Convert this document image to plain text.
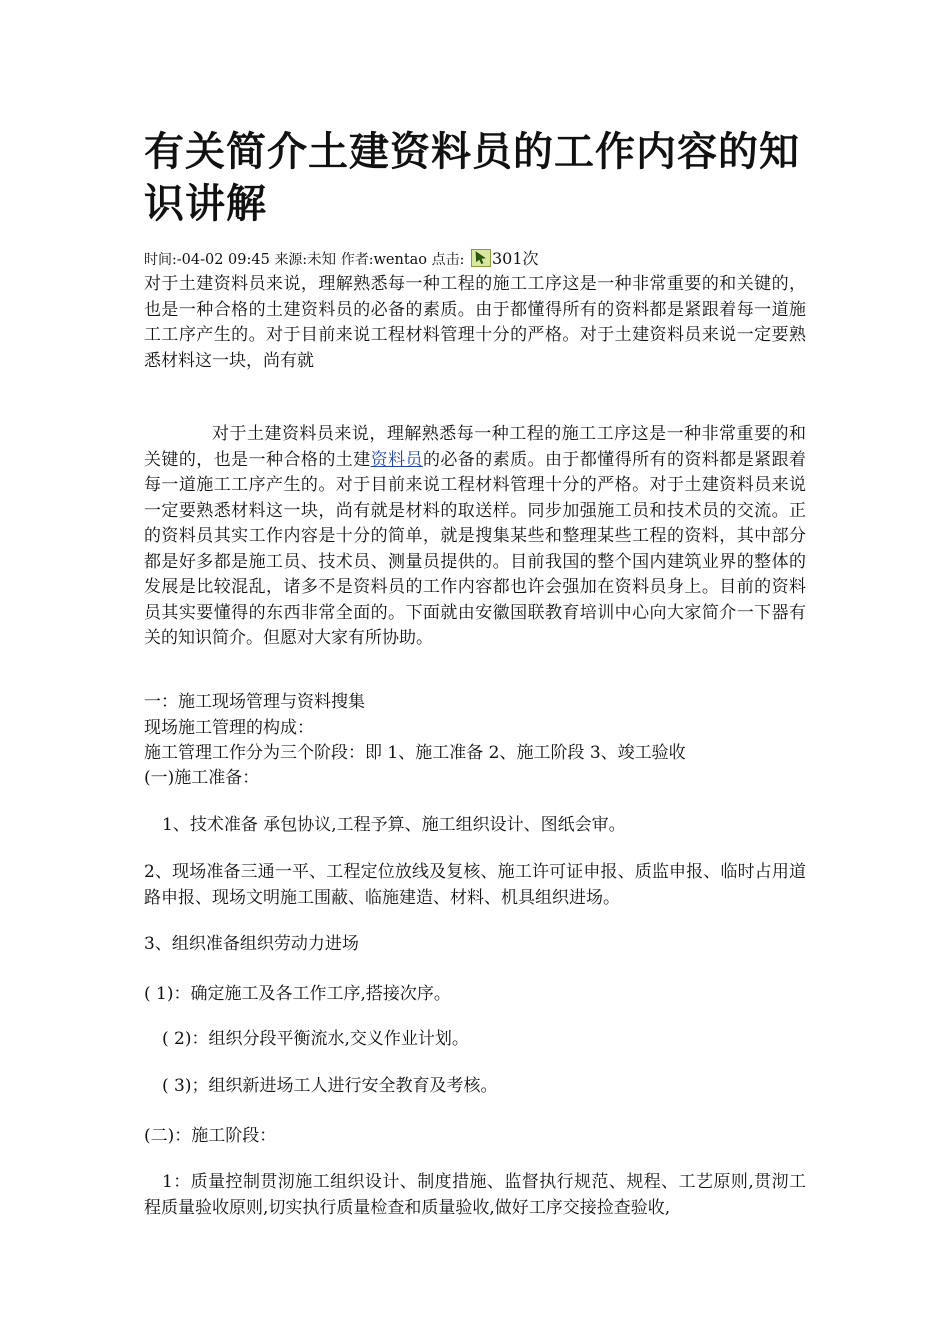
有关简介土建资料员的工作内容的知识讲解
时间:-04-02 09:45 来源:未知 作者:wentao 点击: 301次

对于土建资料员来说，理解熟悉每一种工程的施工工序这是一种非常重要的和关键的，也是一种合格的土建资料员的必备的素质。由于都懂得所有的资料都是紧跟着每一道施工工序产生的。对于目前来说工程材料管理十分的严格。对于土建资料员来说一定要熟悉材料这一块，尚有就

对于土建资料员来说，理解熟悉每一种工程的施工工序这是一种非常重要的和关键的，也是一种合格的土建资料员的必备的素质。由于都懂得所有的资料都是紧跟着每一道施工工序产生的。对于目前来说工程材料管理十分的严格。对于土建资料员来说一定要熟悉材料这一块，尚有就是材料的取送样。同步加强施工员和技术员的交流。正的资料员其实工作内容是十分的简单，就是搜集某些和整理某些工程的资料，其中部分都是好多都是施工员、技术员、测量员提供的。目前我国的整个国内建筑业界的整体的发展是比较混乱，诸多不是资料员的工作内容都也许会强加在资料员身上。目前的资料员其实要懂得的东西非常全面的。下面就由安徽国联教育培训中心向大家简介一下器有关的知识简介。但愿对大家有所协助。

一：施工现场管理与资料搜集

现场施工管理的构成：

施工管理工作分为三个阶段：即 1、施工准备 2、施工阶段 3、竣工验收

(一)施工准备：

1、技术准备 承包协议,工程予算、施工组织设计、图纸会审。

2、现场准备三通一平、工程定位放线及复核、施工许可证申报、质监申报、临时占用道路申报、现场文明施工围蔽、临施建造、材料、机具组织进场。

3、组织准备组织劳动力进场

( 1)：确定施工及各工作工序,搭接次序。

( 2)：组织分段平衡流水,交义作业计划。

( 3)；组织新进场工人进行安全教育及考核。

(二)：施工阶段：

1：质量控制贯沏施工组织设计、制度措施、监督执行规范、规程、工艺原则,贯沏工程质量验收原则,切实执行质量检查和质量验收,做好工序交接捡查验收,
